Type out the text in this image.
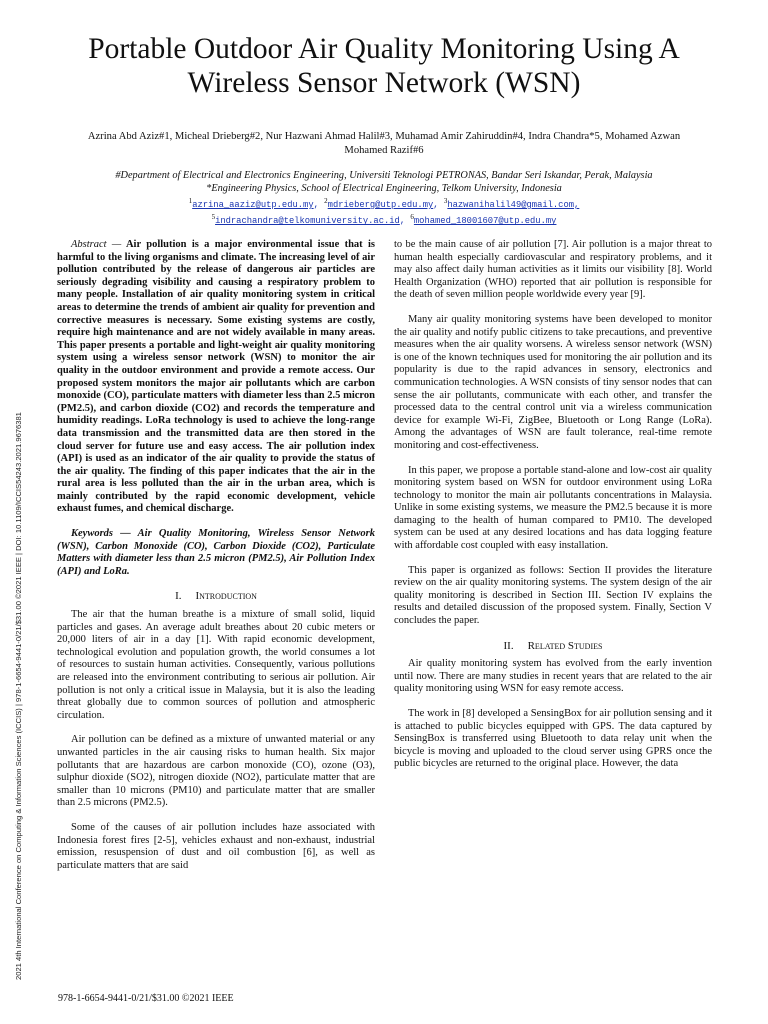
Portable Outdoor Air Quality Monitoring Using A
Wireless Sensor Network (WSN)
Azrina Abd Aziz#1, Micheal Drieberg#2, Nur Hazwani Ahmad Halil#3, Muhamad Amir Zahiruddin#4, Indra Chandra*5, Mohamed Azwan
Mohamed Razif#6
#Department of Electrical and Electronics Engineering, Universiti Teknologi PETRONAS, Bandar Seri Iskandar, Perak, Malaysia
*Engineering Physics, School of Electrical Engineering, Telkom University, Indonesia
$^1$azrina_aaziz@utp.edu.my, $^2$mdrieberg@utp.edu.my, $^3$hazwanihalil49@gmail.com,
$^5$indrachandra@telkomuniversity.ac.id, $^6$mohamed_18001607@utp.edu.my

Abstract — Air pollution is a major environmental issue that is harmful to the living organisms and climate. The increasing level of air pollution contributed by the release of dangerous air particles are seriously degrading visibility and causing a respiratory problem to many people. Installation of air quality monitoring system in critical areas to determine the trends of ambient air quality for prevention and corrective measures is necessary. Some existing systems are costly, require high maintenance and are not widely available in many areas. This paper presents a portable and light-weight air quality monitoring system using a wireless sensor network (WSN) to monitor the air quality in the outdoor environment and provide a remote access. Our proposed system monitors the major air pollutants which are carbon monoxide (CO), particulate matters with diameter less than 2.5 micron (PM2.5), and carbon dioxide (CO2) and records the temperature and humidity readings. LoRa technology is used to achieve the long-range data transmission and the transmitted data are then stored in the cloud server for future use and easy access. The air pollution index (API) is used as an indicator of the air quality to provide the status of the air quality. The finding of this paper indicates that the air in the rural area is less polluted than the air in the urban area, which is mainly contributed by the rapid economic development, vehicle exhaust fumes, and chemical discharge.

Keywords — Air Quality Monitoring, Wireless Sensor Network (WSN), Carbon Monoxide (CO), Carbon Dioxide (CO2), Particulate Matters with diameter less than 2.5 micron (PM2.5), Air Pollution Index (API) and LoRa.

I. Introduction

The air that the human breathe is a mixture of small solid, liquid particles and gases. An average adult breathes about 20 cubic meters or 20,000 liters of air in a day [1]. With rapid economic development, technological evolution and population growth, the world consumes a lot of resources to sustain human activities. Consequently, various pollutions are released into the environment contributing to serious air pollution. Air pollution is not only a critical issue in Malaysia, but it is also the leading threat globally due to common sources of pollution and atmospheric circulation.

Air pollution can be defined as a mixture of unwanted material or any unwanted particles in the air causing risks to human health. Six major pollutants that are hazardous are carbon monoxide (CO), ozone (O3), sulphur dioxide (SO2), nitrogen dioxide (NO2), particulate matter that are smaller than 10 microns (PM10) and particulate matter that are smaller than 2.5 microns (PM2.5).

Some of the causes of air pollution includes haze associated with Indonesia forest fires [2-5], vehicles exhaust and non-exhaust, industrial emission, resuspension of dust and oil combustion [6], as well as particulate matters that are said

to be the main cause of air pollution [7]. Air pollution is a major threat to human health especially cardiovascular and respiratory problems, and it may also affect daily human activities as it limits our visibility [8]. World Health Organization (WHO) reported that air pollution is responsible for the death of seven million people worldwide every year [9].

Many air quality monitoring systems have been developed to monitor the air quality and notify public citizens to take precautions, and preventive measures when the air quality worsens. A wireless sensor network (WSN) is one of the known techniques used for monitoring the air pollution and its popularity is due to the rapid advances in sensory, electronics and communication technologies. A WSN consists of tiny sensor nodes that can sense the air pollutants, communicate with each other, and transfer the processed data to the central control unit via a wireless communication device for example Wi-Fi, ZigBee, Bluetooth or Long Range (LoRa). Among the advantages of WSN are fault tolerance, real-time remote monitoring and cost-effectiveness.

In this paper, we propose a portable stand-alone and low-cost air quality monitoring system based on WSN for outdoor environment using LoRa technology to monitor the main air pollutants concentrations in Malaysia. Unlike in some existing systems, we measure the PM2.5 because it is more damaging to the health of human compared to PM10. The developed system can be used at any desired locations and has data logging feature with affordable cost coupled with easy installation.

This paper is organized as follows: Section II provides the literature review on the air quality monitoring systems. The system design of the air quality monitoring is described in Section III. Section IV explains the results and detailed discussion of the proposed system. Finally, Section V concludes the paper.

II. Related Studies

Air quality monitoring system has evolved from the early invention until now. There are many studies in recent years that are related to the air quality monitoring using WSN for easy remote access.

The work in [8] developed a SensingBox for air pollution sensing and it is attached to public bicycles equipped with GPS. The data captured by SensingBox is transferred using Bluetooth to data relay unit when the bicycle is moving and uploaded to the cloud server using GPRS once the public bicycles are returned to the original place. However, the data

2021 4th International Conference on Computing & Information Sciences (ICCIS) | 978-1-6654-9441-0/21/$31.00 ©2021 IEEE | DOI: 10.1109/ICCIS54243.2021.9676381
978-1-6654-9441-0/21/$31.00 ©2021 IEEE
